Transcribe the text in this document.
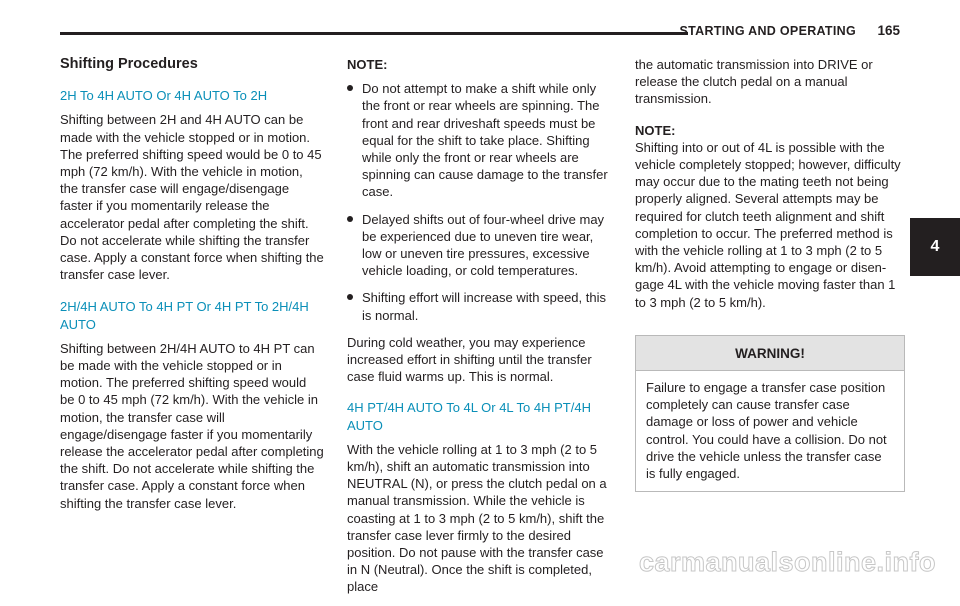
STARTING AND OPERATING 165
4
Shifting Procedures
2H To 4H AUTO Or 4H AUTO To 2H

Shifting between 2H and 4H AUTO can be made with the vehicle stopped or in motion. The preferred shifting speed would be 0 to 45 mph (72 km/h). With the vehicle in motion, the transfer case will engage/disengage faster if you momentarily release the accelerator pedal after completing the shift. Do not accelerate while shifting the transfer case. Apply a constant force when shifting the transfer case lever.

2H/4H AUTO To 4H PT Or 4H PT To 2H/4H AUTO

Shifting between 2H/4H AUTO to 4H PT can be made with the vehicle stopped or in motion. The preferred shifting speed would be 0 to 45 mph (72 km/h). With the vehicle in motion, the transfer case will engage/disengage faster if you momentarily release the accelerator pedal after completing the shift. Do not accelerate while shifting the transfer case. Apply a constant force when shifting the transfer case lever.

NOTE:
Do not attempt to make a shift while only the front or rear wheels are spinning. The front and rear driveshaft speeds must be equal for the shift to take place. Shifting while only the front or rear wheels are spinning can cause damage to the transfer case.
Delayed shifts out of four-wheel drive may be experienced due to uneven tire wear, low or uneven tire pressures, excessive vehicle loading, or cold temperatures.
Shifting effort will increase with speed, this is normal.

During cold weather, you may experience increased effort in shifting until the transfer case fluid warms up. This is normal.

4H PT/4H AUTO To 4L Or 4L To 4H PT/4H AUTO

With the vehicle rolling at 1 to 3 mph (2 to 5 km/h), shift an automatic transmission into NEUTRAL (N), or press the clutch pedal on a manual transmission. While the vehicle is coasting at 1 to 3 mph (2 to 5 km/h), shift the transfer case lever firmly to the desired position. Do not pause with the transfer case in N (Neutral). Once the shift is completed, place

the automatic transmission into DRIVE or release the clutch pedal on a manual transmission.

NOTE:

Shifting into or out of 4L is possible with the vehicle completely stopped; however, difficulty may occur due to the mating teeth not being properly aligned. Several attempts may be required for clutch teeth alignment and shift completion to occur. The preferred method is with the vehicle rolling at 1 to 3 mph (2 to 5 km/h). Avoid attempting to engage or disen-gage 4L with the vehicle moving faster than 1 to 3 mph (2 to 5 km/h).

WARNING!

Failure to engage a transfer case position completely can cause transfer case damage or loss of power and vehicle control. You could have a collision. Do not drive the vehicle unless the transfer case is fully engaged.

carmanualsonline.info
